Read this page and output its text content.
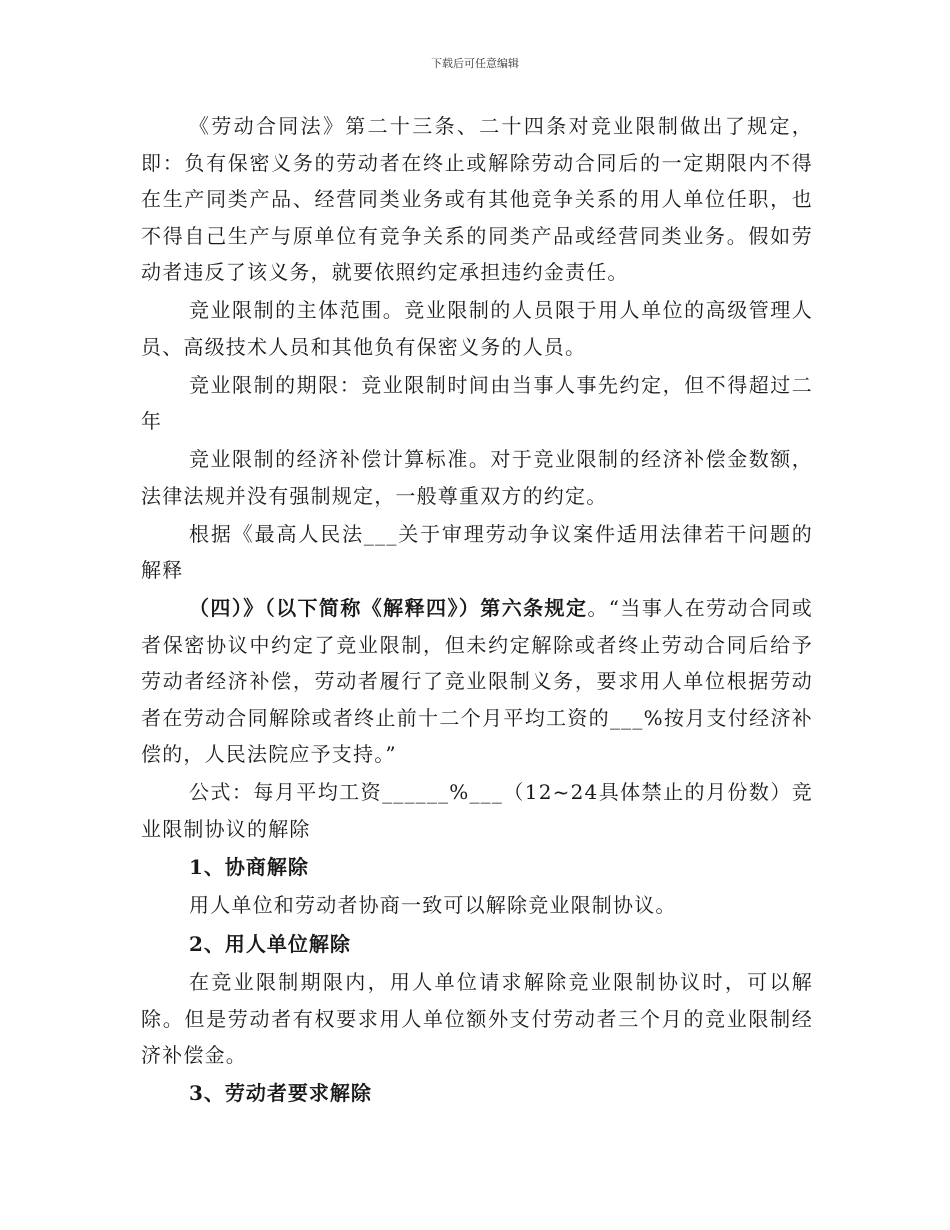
下载后可任意编辑

《劳动合同法》第二十三条、二十四条对竞业限制做出了规定，即：负有保密义务的劳动者在终止或解除劳动合同后的一定期限内不得在生产同类产品、经营同类业务或有其他竞争关系的用人单位任职，也不得自己生产与原单位有竞争关系的同类产品或经营同类业务。假如劳动者违反了该义务，就要依照约定承担违约金责任。

竞业限制的主体范围。竞业限制的人员限于用人单位的高级管理人员、高级技术人员和其他负有保密义务的人员。

竞业限制的期限：竞业限制时间由当事人事先约定，但不得超过二年

竞业限制的经济补偿计算标准。对于竞业限制的经济补偿金数额，法律法规并没有强制规定，一般尊重双方的约定。

根据《最高人民法___关于审理劳动争议案件适用法律若干问题的解释

（四）》（以下简称《解释四》）第六条规定。“当事人在劳动合同或者保密协议中约定了竞业限制，但未约定解除或者终止劳动合同后给予劳动者经济补偿，劳动者履行了竞业限制义务，要求用人单位根据劳动者在劳动合同解除或者终止前十二个月平均工资的___%按月支付经济补偿的，人民法院应予支持。”

公式：每月平均工资______%___（12~24具体禁止的月份数）竞业限制协议的解除

1、协商解除
用人单位和劳动者协商一致可以解除竞业限制协议。
2、用人单位解除

在竞业限制期限内，用人单位请求解除竞业限制协议时，可以解除。但是劳动者有权要求用人单位额外支付劳动者三个月的竞业限制经济补偿金。

3、劳动者要求解除
